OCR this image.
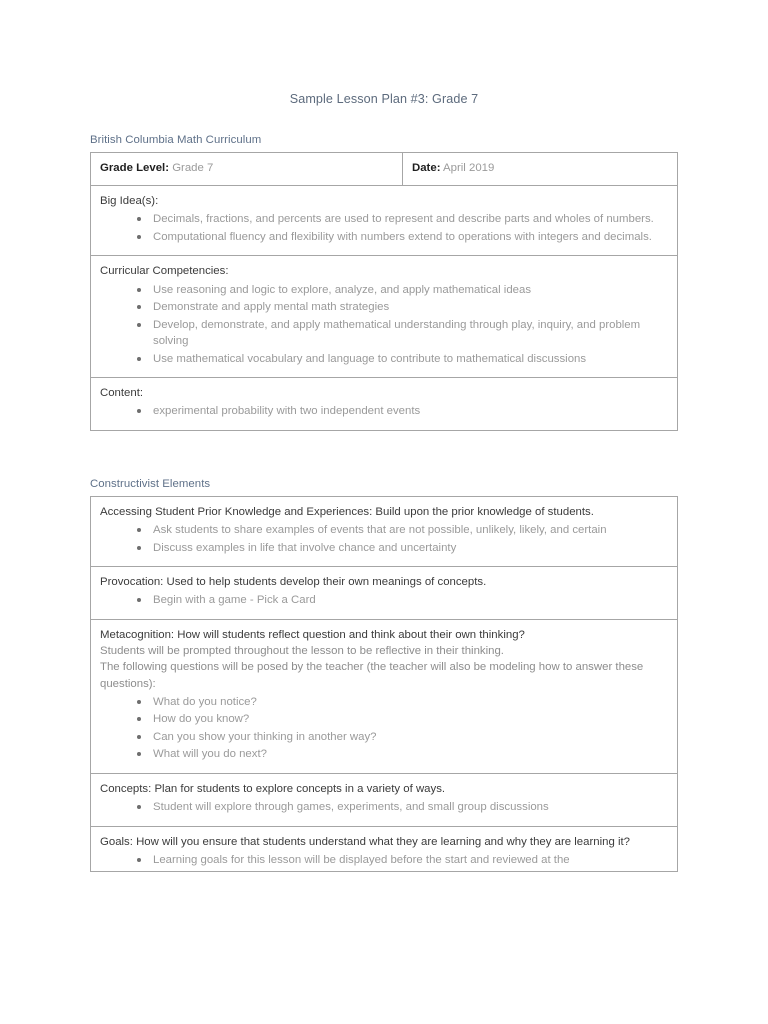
Sample Lesson Plan #3: Grade 7
British Columbia Math Curriculum
Grade Level: Grade 7	Date: April 2019

Big Idea(s):
Decimals, fractions, and percents are used to represent and describe parts and wholes of numbers.
Computational fluency and flexibility with numbers extend to operations with integers and decimals.

Curricular Competencies:
Use reasoning and logic to explore, analyze, and apply mathematical ideas
Demonstrate and apply mental math strategies
Develop, demonstrate, and apply mathematical understanding through play, inquiry, and problem solving
Use mathematical vocabulary and language to contribute to mathematical discussions

Content:
experimental probability with two independent events
Constructivist Elements
Accessing Student Prior Knowledge and Experiences: Build upon the prior knowledge of students.
Ask students to share examples of events that are not possible, unlikely, likely, and certain
Discuss examples in life that involve chance and uncertainty

Provocation: Used to help students develop their own meanings of concepts.
Begin with a game - Pick a Card

Metacognition: How will students reflect question and think about their own thinking?
Students will be prompted throughout the lesson to be reflective in their thinking.
The following questions will be posed by the teacher (the teacher will also be modeling how to answer these questions):
What do you notice?
How do you know?
Can you show your thinking in another way?
What will you do next?

Concepts: Plan for students to explore concepts in a variety of ways.
Student will explore through games, experiments, and small group discussions

Goals: How will you ensure that students understand what they are learning and why they are learning it?
Learning goals for this lesson will be displayed before the start and reviewed at the
